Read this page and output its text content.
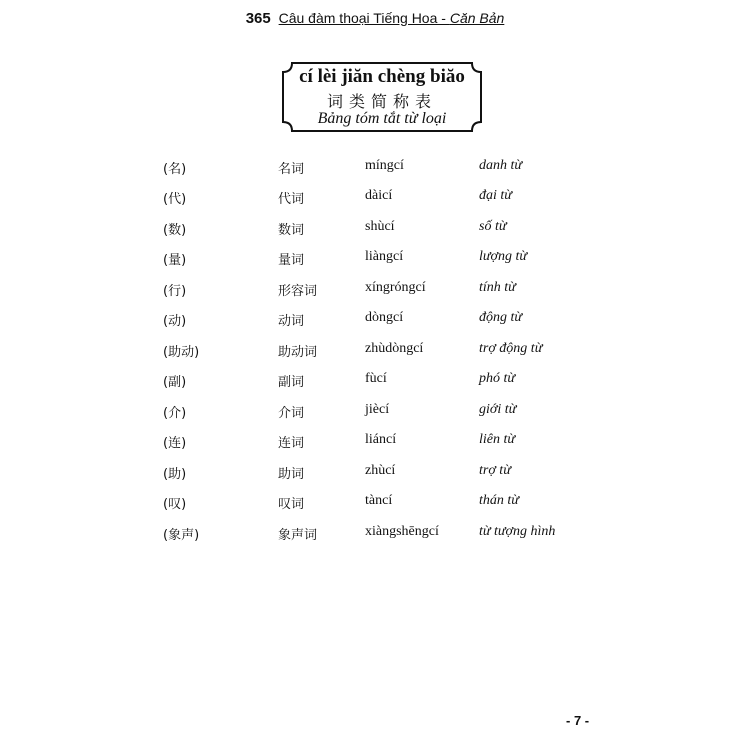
365 Câu đàm thoại Tiếng Hoa - Căn Bản
cí lèi jiăn chèng biăo
词类简称表
Bảng tóm tắt từ loại
(名)	名词	míngcí	danh từ
(代)	代词	dàicí	đại từ
(数)	数词	shùcí	số từ
(量)	量词	liàngcí	lượng từ
(行)	形容词	xíngróngcí	tính từ
(动)	动词	dòngcí	động từ
(助动)	助动词	zhùdòngcí	trợ động từ
(副)	副词	fùcí	phó từ
(介)	介词	jiècí	giới từ
(连)	连词	liáncí	liên từ
(助)	助词	zhùcí	trợ từ
(叹)	叹词	tàncí	thán từ
(象声)	象声词	xiàngshēngcí	từ tượng hình
- 7 -
